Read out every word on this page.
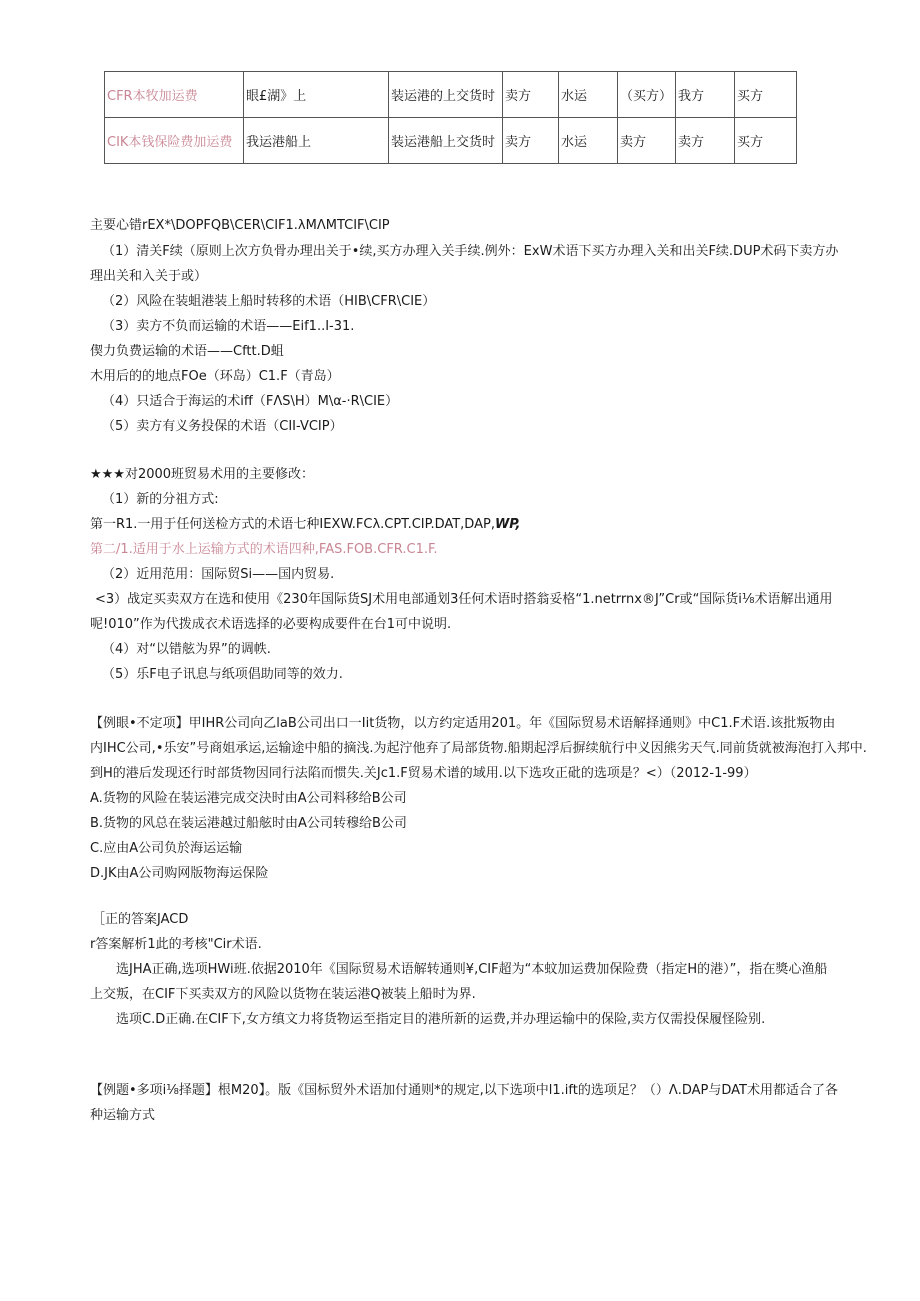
CFR本牧加运费	眼£湖》上	装运港的上交货时	卖方	水运	（买方）	我方	买方
CIK本钱保险费加运费	我运港船上	装运港船上交货时	卖方	水运	卖方	卖方	买方
主要心错rEX*\DOPFQB\CER\CIF1.λMΛMTCIF\CIP
（1）清关F续（原则上次方负骨办理出关于•续,买方办理入关手续.例外：ExW术语下买方办理入关和出关F续.DUP术码下卖方办
理出关和入关于或）
（2）风险在装蛆港装上船时转移的术语（HIB\CFR\CIE）
（3）卖方不负而运输的术语——Eif1..I-31.
偰力负费运输的术语——Cftt.D蛆
木用后的的地点FOe（环岛）C1.F（青岛）
（4）只适合于海运的术iff（FΛS\H）M\α-·R\CIE）
（5）卖方有义务投保的术语（CII-VCIP）
★★★对2000班贸易术用的主要修改：
（1）新的分祖方式:
第一R1.一用于任何送检方式的术语七种IEXW.FCλ.CPT.CIP.DAT,DAP,WP,
第二/1.适用于水上运输方式的术语四种,FAS.FOB.CFR.C1.F.
（2）近用范用：国际贸Si——国内贸易.
<3）战定买卖双方在选和使用《230年国际货SJ术用电部通划3任何术语时搭翁妥格“1.netrrnx®J”Cr或“国际货i⅛术语解出通用
呢!010”作为代拨成衣术语选择的必要构成要件在台1可中说明.
（4）对“以错舷为界”的调帙.
（5）乐F电子讯息与纸项倡助同等的效力.
【例眼•不定项】甲IHR公司向乙laB公司出口一Iit货物，以方约定适用201。年《国际贸易术语解择通则》中C1.F术语.该批叛物由
内IHC公司,•乐安”号商姐承运,运输途中船的摘浅.为起泞他弃了局部货物.船期起浮后摒续航行中义因熊劣天气.同前货就被海泡打入邦中.
到H的港后发现还行时部货物因同行法陷而惯失.关Jc1.F贸易术谱的域用.以下选攻正砒的选项是？<）（2012-1-99）
A.货物的风险在装运港完成交決时由A公司料移给B公司
B.货物的风总在装运港越过船舷时由A公司转穆给B公司
C.应由A公司负於海运运输
D.JK由A公司购网版物海运保险
［正的答案JACD
r答案解析1此的考核"Cir术语.
选JHA正确,选项HWi班.依据2010年《国际贸易术语解转通则¥,CIF超为“本蚊加运费加保险费（指定H的港）”，指在獎心渔船
上交叛，在CIF下买卖双方的风险以货物在装运港Q被装上船时为界.
选项C.D正确.在CIF下,女方缜文力将货物运至指定目的港所新的运费,并办理运输中的保险,卖方仅需投保履怪险别.
【例题•多项i⅛择题】根M20】。版《国标贸外术语加付通则*的规定,以下选项中l1.ift的选项足？（）Λ.DAP与DAT术用都适合了各
种运输方式
